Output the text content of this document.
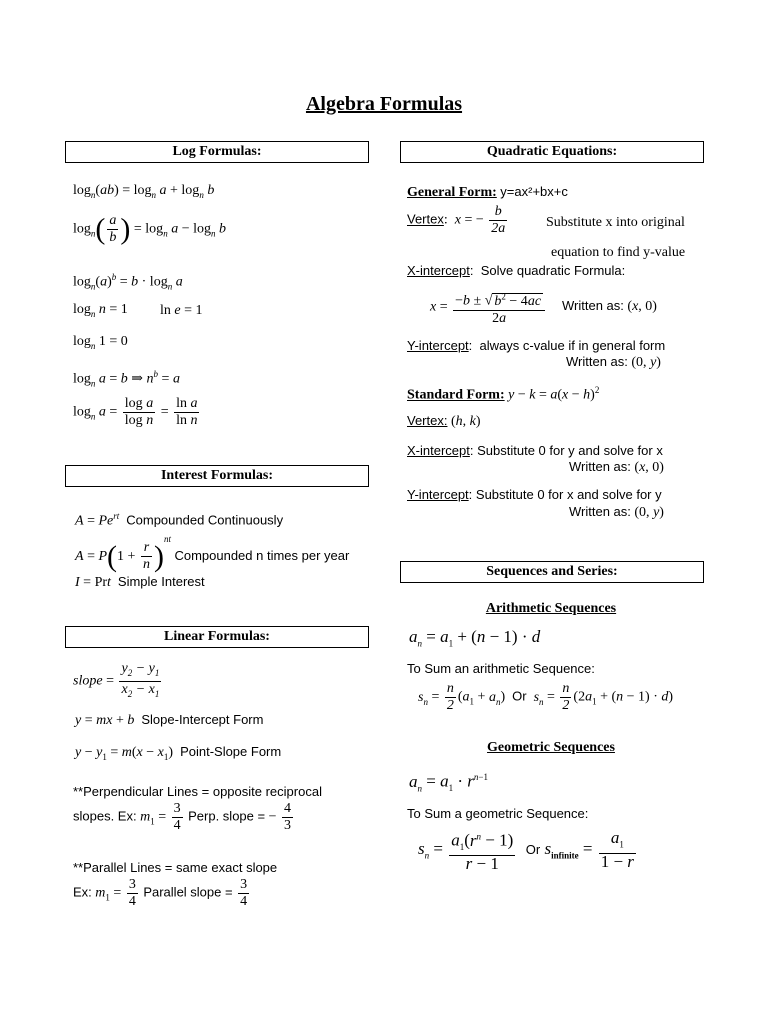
Algebra Formulas
Log Formulas:
$\log_n(ab) = \log_n a + \log_n b$
$\log_n( \frac{a}{b}$ ) = $\log_n a - \log_n b$
$\log_n(a)^b = b \cdot \log_n a$
$\log_n n = 1$ ln e = 1
$\log_n 1 = 0$
$\log_n a = b$ ⇒ $n^b = a$
$\log_n a = \frac{\text{log a}}{\text{log n}} = \frac{\text{ln a}}{\text{ln n}}$
Interest Formulas:
$A = Pe^{rt}$ Compounded Continuously
$A = P(1 + \frac{r}{n} )^{nt}$ Compounded n times per year
I = Prt Simple Interest
Linear Formulas:
slope = $\frac{y_2 - y_1}{x_2 - x_1}$
y = mx + b Slope-Intercept Form
$y - y_1 = m(x - x_1)$  Point-Slope Form
**Perpendicular Lines = opposite reciprocal
slopes. Ex: $m_1 = \frac{3}{4}$ Perp. slope = − $\frac{4}{3}$
**Parallel Lines = same exact slope
Ex: $m_1 = \frac{3}{4}$ Parallel slope = $\frac{3}{4}$
Quadratic Equations:
General Form: y=ax²+bx+c
Vertex:  x = − $\frac{b}{2a}$	Substitute x into original
equation to find y-value
X-intercept:  Solve quadratic Formula:
$x = \frac{-b \pm √ b^2 - 4ac}{2a}$ Written as: (x, 0)
Y-intercept:  always c-value if in general form
Written as: (0, y)
Standard Form: $y - k = a(x - h)^2$
Vertex: (h, k)
X-intercept: Substitute 0 for y and solve for x
Written as: (x, 0)
Y-intercept: Substitute 0 for x and solve for y
Written as: (0, y)
Sequences and Series:
Arithmetic Sequences
$a_n = a_1 + (n - 1) \cdot d$
To Sum an arithmetic Sequence:
$s_n = \frac{n}{2} (a_1 + a_n)$  Or $s_n = \frac{n}{2} (2a_1 + (n - 1) \cdot d)$
Geometric Sequences
$a_n = a_1 \cdot r^{n-1}$
To Sum a geometric Sequence:
$s_n = \frac{a_1(r^n - 1)}{r - 1}$ Or $s_{infinite} = \frac{a_1}{1 - r}$
